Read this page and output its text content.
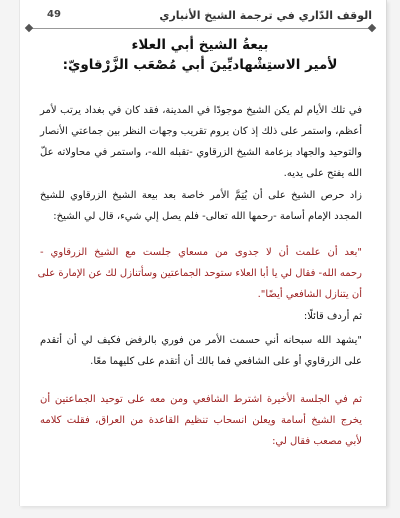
الوقف الدّاري في ترجمة الشيخ الأنباري
49
بيعةُ الشيخ أبي العلاء
لأمير الاستِشْهاديِّينَ أبي مُصْعَب الزَّرْقاويّ:
في تلك الأيام لم يكن الشيخ موجودًا في المدينة، فقد كان في بغداد يرتب لأمر
أعظم، واستمر على ذلك إذ كان يروم تقريب وجهات النظر بين جماعتي الأنصار
والتوحيد والجهاد بزعامة الشيخ الزرقاوي -تقبله الله-، واستمر في محاولاته علّ
الله يفتح على يديه.
زاد حرص الشيخ على أن يُتِمَّ الأمر خاصة بعد بيعة الشيخ الزرقاوي للشيخ
المجدد الإمام أسامة -رحمها الله تعالى- فلم يصل إلي شيء، قال لي الشيخ:
"بعد أن علمت أن لا جدوى من مسعاي جلست مع الشيخ الزرقاوي -
رحمه الله- فقال لي يا أبا العلاء ستوحد الجماعتين وسأتنازل لك عن الإمارة على
أن يتنازل الشافعي أيضًا".
ثم أردف قائلًا:
"يشهد الله سبحانه أني حسمت الأمر من فوري بالرفض فكيف لي أن أتقدم
على الزرقاوي أو على الشافعي فما بالك أن أتقدم على كليهما معًا.
ثم في الجلسة الأخيرة اشترط الشافعي ومن معه على توحيد الجماعتين أن
يخرج الشيخ أسامة ويعلن انسحاب تنظيم القاعدة من العراق، فقلت كلامه
لأبي مصعب فقال لي:
